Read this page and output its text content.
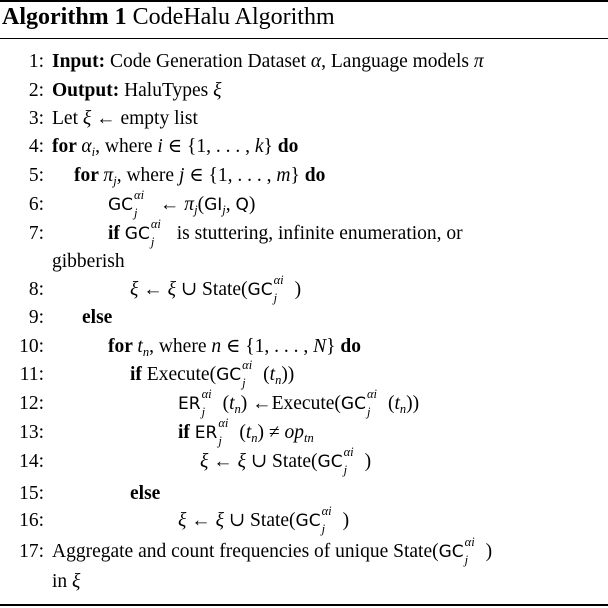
Algorithm 1 CodeHalu Algorithm
1: Input: Code Generation Dataset α, Language models π
2: Output: HaluTypes ξ
3: Let ξ ← empty list
4: for $\alpha_i$, where i ∈ {1, . . . , k} do
5: for $\pi_j$, where j ∈ {1, . . . , m} do
6:	GC αi
j ← $\pi_j(GI_j$, Q)
7:	if GC αi
j is stuttering, infinite enumeration, or
gibberish
8:	ξ ← ξ ∪ State(GC αi
j )
9: else
10:	for $t_n$, where n ∈ {1, . . . , N} do
11:	if Execute(GC αi
j $(t_n)$)
12:	ER αi
j $(t_n)$ ←Execute(GC αi
j $(t_n)$)
13:	if ER αi
j $(t_n) \ne op_{tn}$
14:	ξ ← ξ ∪ State(GC αi
j )
15:	else
16:	ξ ← ξ ∪ State(GC αi
j )
17: Aggregate and count frequencies of unique State(GC αi
j )
in ξ
